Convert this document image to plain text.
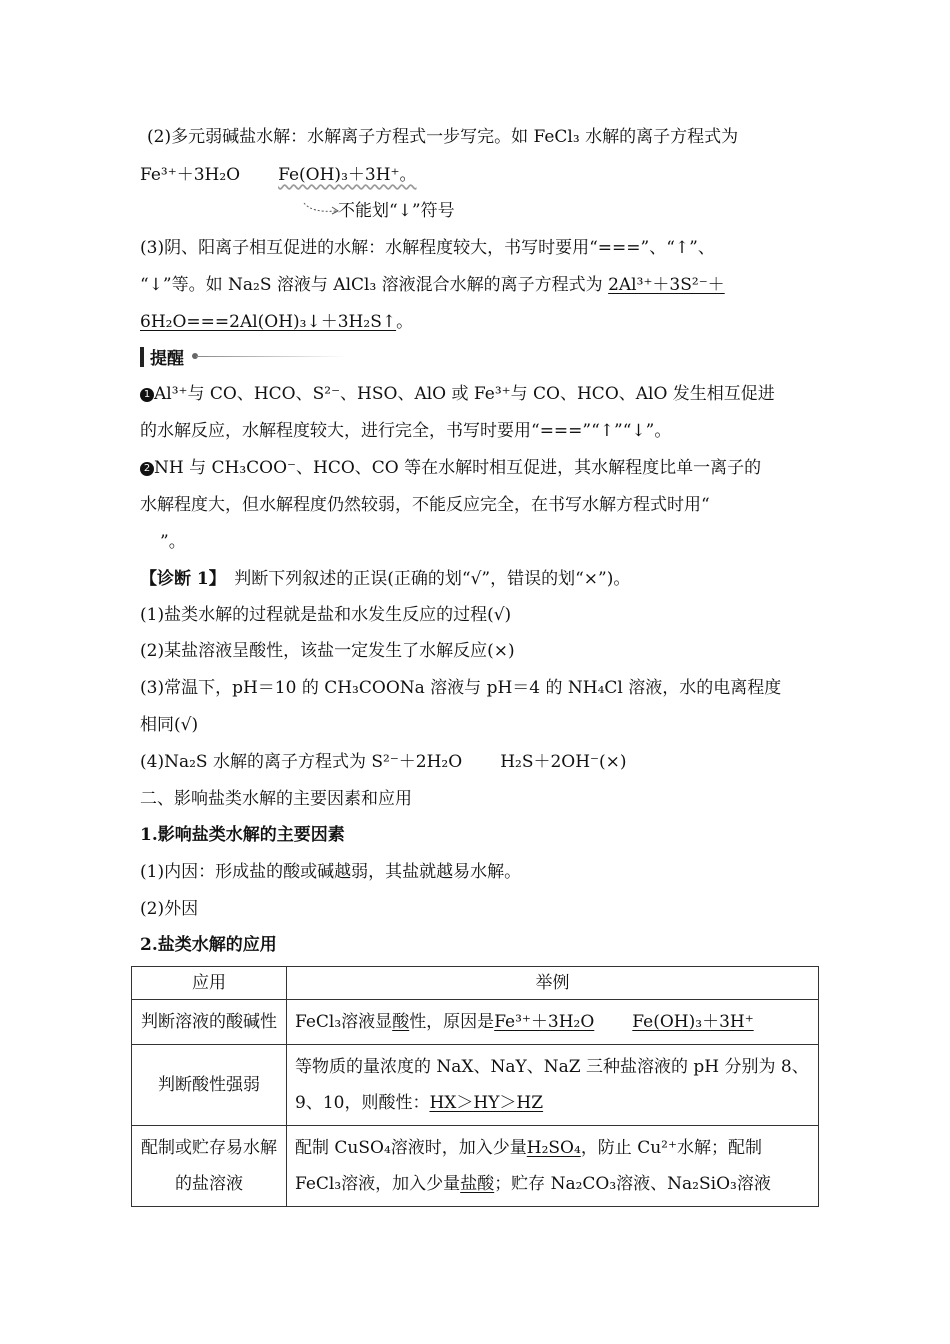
(2)多元弱碱盐水解：水解离子方程式一步写完。如 FeCl₃ 水解的离子方程式为
Fe³⁺＋3H₂O Fe(OH)₃＋3H⁺。
不能划“↓”符号
(3)阴、阳离子相互促进的水解：水解程度较大，书写时要用“===”、“↑”、
“↓”等。如 Na₂S 溶液与 AlCl₃ 溶液混合水解的离子方程式为 2Al³⁺＋3S²⁻＋
6H₂O===2Al(OH)₃↓＋3H₂S↑。
提醒
1 Al³⁺与 CO、HCO、S²⁻、HSO、AlO 或 Fe³⁺与 CO、HCO、AlO 发生相互促进
的水解反应，水解程度较大，进行完全，书写时要用“===”“↑”“↓”。
2 NH 与 CH₃COO⁻、HCO、CO 等在水解时相互促进，其水解程度比单一离子的
水解程度大，但水解程度仍然较弱，不能反应完全，在书写水解方程式时用“
”。
【诊断 1】　 判断下列叙述的正误(正确的划“√”，错误的划“×”)。
(1)盐类水解的过程就是盐和水发生反应的过程(√)
(2)某盐溶液呈酸性，该盐一定发生了水解反应(×)
(3)常温下，pH＝10 的 CH₃COONa 溶液与 pH＝4 的 NH₄Cl 溶液，水的电离程度
相同(√)
(4)Na₂S 水解的离子方程式为 S²⁻＋2H₂O H₂S＋2OH⁻(×)
二、影响盐类水解的主要因素和应用
1.影响盐类水解的主要因素
(1)内因：形成盐的酸或碱越弱，其盐就越易水解。
(2)外因
2.盐类水解的应用
应用	举例
判断溶液的酸碱性	FeCl₃溶液显酸性，原因是Fe³⁺＋3H₂O Fe(OH)₃＋3H⁺
判断酸性强弱	等物质的量浓度的 NaX、NaY、NaZ 三种盐溶液的 pH 分别为 8、9、10，则酸性：HX＞HY＞HZ
配制或贮存易水解的盐溶液	配制 CuSO₄溶液时，加入少量H₂SO₄，防止 Cu²⁺水解；配制 FeCl₃溶液，加入少量盐酸；贮存 Na₂CO₃溶液、Na₂SiO₃溶液
